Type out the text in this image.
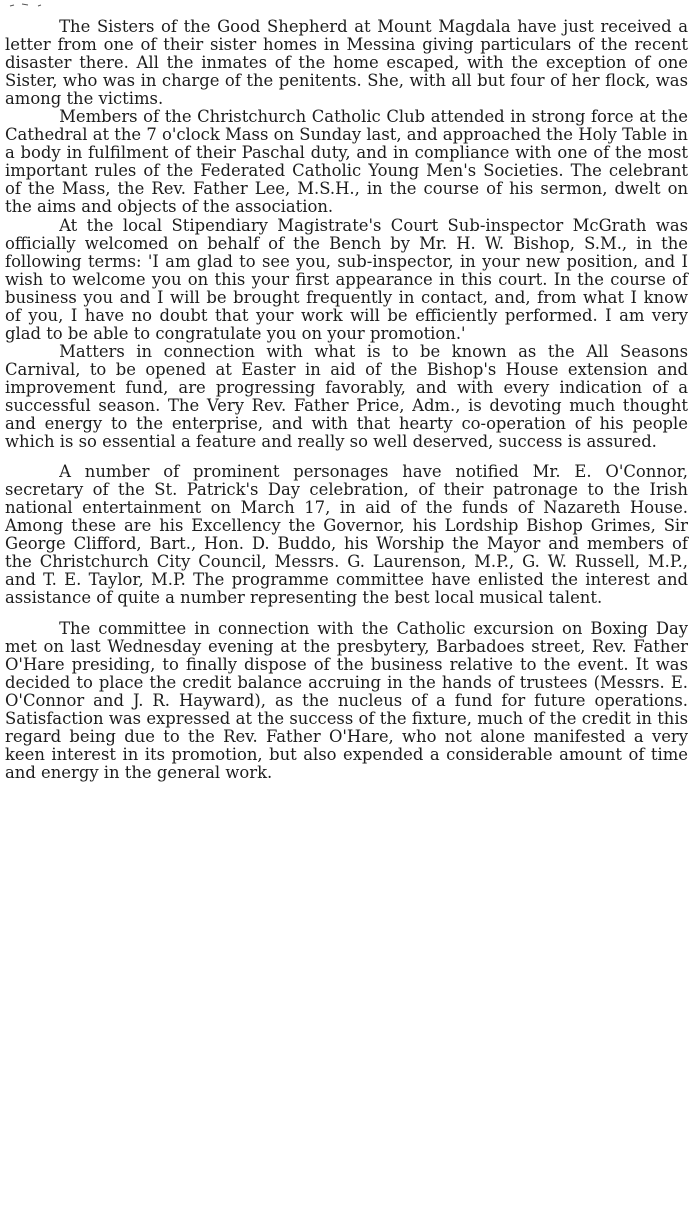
The Sisters of the Good Shepherd at Mount Magdala have just received a letter from one of their sister homes in Messina giving particulars of the recent disaster there. All the inmates of the home escaped, with the exception of one Sister, who was in charge of the penitents. She, with all but four of her flock, was among the victims.

Members of the Christchurch Catholic Club attended in strong force at the Cathedral at the 7 o'clock Mass on Sunday last, and approached the Holy Table in a body in fulfilment of their Paschal duty, and in compliance with one of the most important rules of the Federated Catholic Young Men's Societies. The celebrant of the Mass, the Rev. Father Lee, M.S.H., in the course of his sermon, dwelt on the aims and objects of the association.

At the local Stipendiary Magistrate's Court Sub-inspector McGrath was officially welcomed on behalf of the Bench by Mr. H. W. Bishop, S.M., in the following terms: 'I am glad to see you, sub-inspector, in your new position, and I wish to welcome you on this your first appearance in this court. In the course of business you and I will be brought frequently in contact, and, from what I know of you, I have no doubt that your work will be efficiently performed. I am very glad to be able to congratulate you on your promotion.'

Matters in connection with what is to be known as the All Seasons Carnival, to be opened at Easter in aid of the Bishop's House extension and improvement fund, are progressing favorably, and with every indication of a successful season. The Very Rev. Father Price, Adm., is devoting much thought and energy to the enterprise, and with that hearty co-operation of his people which is so essential a feature and really so well deserved, success is assured.

A number of prominent personages have notified Mr. E. O'Connor, secretary of the St. Patrick's Day celebration, of their patronage to the Irish national entertainment on March 17, in aid of the funds of Nazareth House. Among these are his Excellency the Governor, his Lordship Bishop Grimes, Sir George Clifford, Bart., Hon. D. Buddo, his Worship the Mayor and members of the Christchurch City Council, Messrs. G. Laurenson, M.P., G. W. Russell, M.P., and T. E. Taylor, M.P. The programme committee have enlisted the interest and assistance of quite a number representing the best local musical talent.

The committee in connection with the Catholic excursion on Boxing Day met on last Wednesday evening at the presbytery, Barbadoes street, Rev. Father O'Hare presiding, to finally dispose of the business relative to the event. It was decided to place the credit balance accruing in the hands of trustees (Messrs. E. O'Connor and J. R. Hayward), as the nucleus of a fund for future operations. Satisfaction was expressed at the success of the fixture, much of the credit in this regard being due to the Rev. Father O'Hare, who not alone manifested a very keen interest in its promotion, but also expended a considerable amount of time and energy in the general work.
